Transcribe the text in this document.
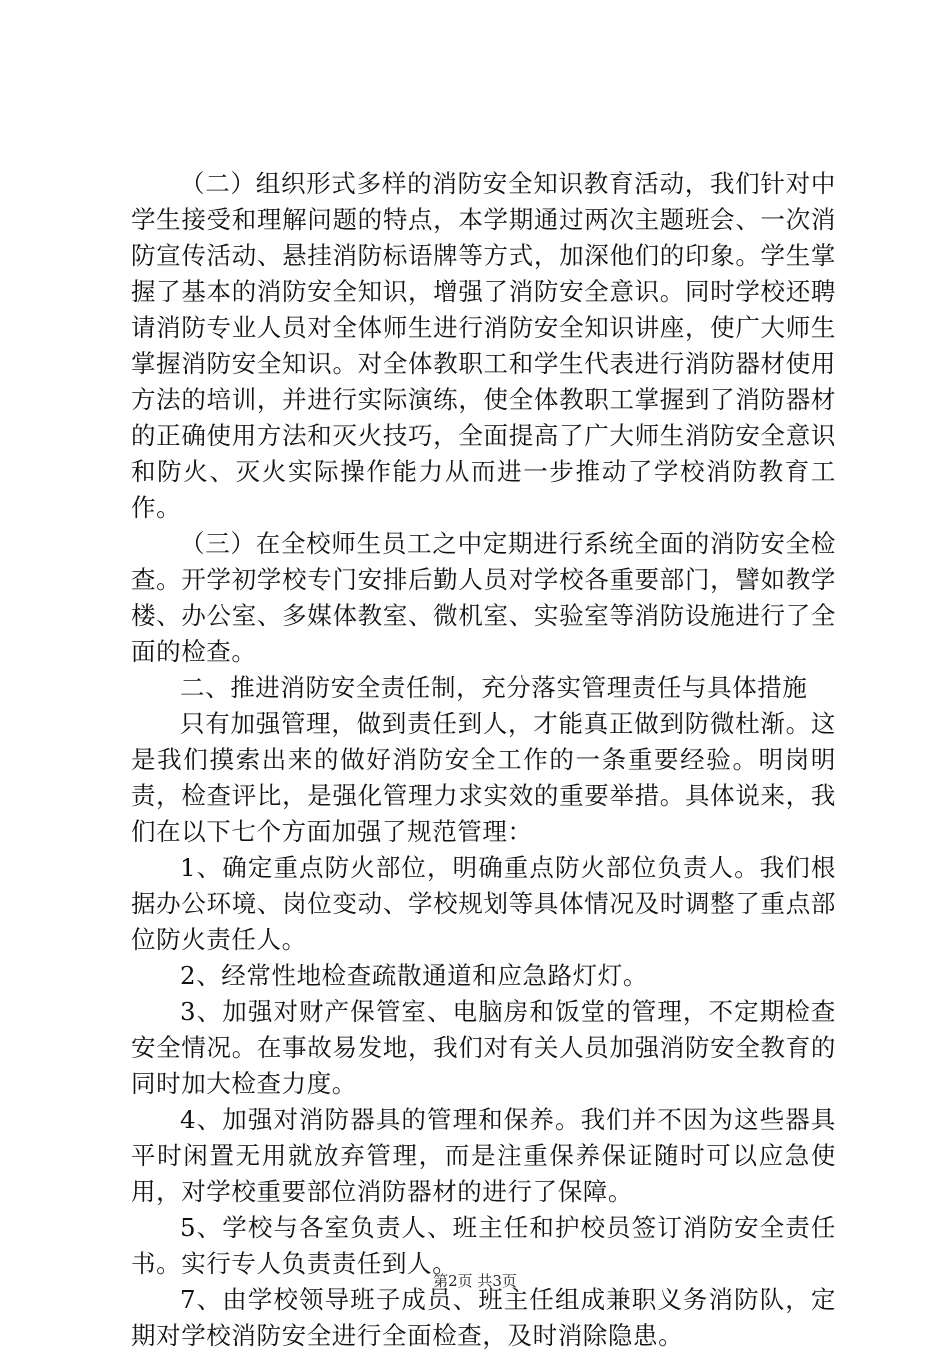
（二）组织形式多样的消防安全知识教育活动，我们针对中学生接受和理解问题的特点，本学期通过两次主题班会、一次消防宣传活动、悬挂消防标语牌等方式，加深他们的印象。学生掌握了基本的消防安全知识，增强了消防安全意识。同时学校还聘请消防专业人员对全体师生进行消防安全知识讲座，使广大师生掌握消防安全知识。对全体教职工和学生代表进行消防器材使用方法的培训，并进行实际演练，使全体教职工掌握到了消防器材的正确使用方法和灭火技巧，全面提高了广大师生消防安全意识和防火、灭火实际操作能力从而进一步推动了学校消防教育工作。

（三）在全校师生员工之中定期进行系统全面的消防安全检查。开学初学校专门安排后勤人员对学校各重要部门，譬如教学楼、办公室、多媒体教室、微机室、实验室等消防设施进行了全面的检查。

二、推进消防安全责任制，充分落实管理责任与具体措施

只有加强管理，做到责任到人，才能真正做到防微杜渐。这是我们摸索出来的做好消防安全工作的一条重要经验。明岗明责，检查评比，是强化管理力求实效的重要举措。具体说来，我们在以下七个方面加强了规范管理：

1、确定重点防火部位，明确重点防火部位负责人。我们根据办公环境、岗位变动、学校规划等具体情况及时调整了重点部位防火责任人。

2、经常性地检查疏散通道和应急路灯灯。

3、加强对财产保管室、电脑房和饭堂的管理，不定期检查安全情况。在事故易发地，我们对有关人员加强消防安全教育的同时加大检查力度。

4、加强对消防器具的管理和保养。我们并不因为这些器具平时闲置无用就放弃管理，而是注重保养保证随时可以应急使用，对学校重要部位消防器材的进行了保障。

5、学校与各室负责人、班主任和护校员签订消防安全责任书。实行专人负责责任到人。

7、由学校领导班子成员、班主任组成兼职义务消防队，定期对学校消防安全进行全面检查，及时消除隐患。

第2页 共3页
